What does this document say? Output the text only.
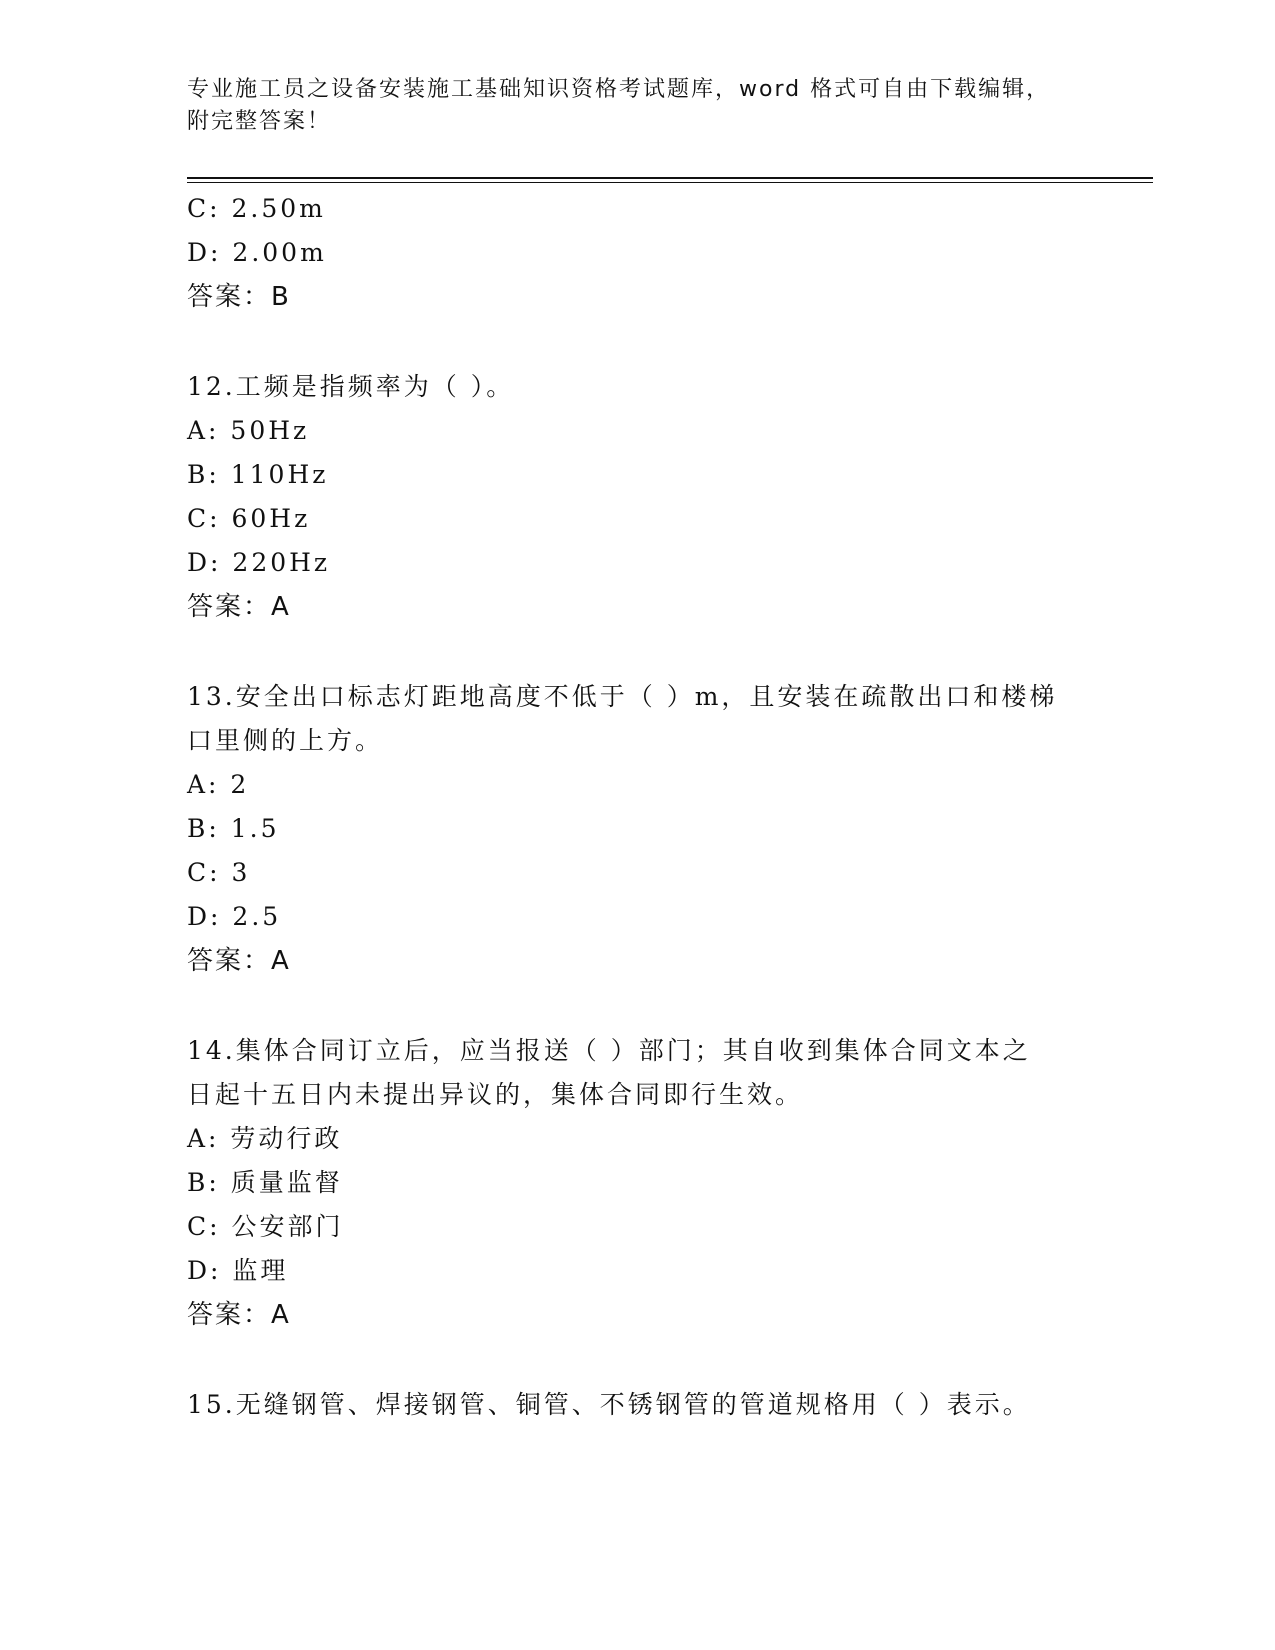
专业施工员之设备安装施工基础知识资格考试题库，word 格式可自由下载编辑，
附完整答案！
C: 2.50m
D: 2.00m
答案：B
12.工频是指频率为（ ）。
A: 50Hz
B: 110Hz
C: 60Hz
D: 220Hz
答案：A
13.安全出口标志灯距地高度不低于（ ）m，且安装在疏散出口和楼梯
口里侧的上方。
A: 2
B: 1.5
C: 3
D: 2.5
答案：A
14.集体合同订立后，应当报送（ ）部门；其自收到集体合同文本之
日起十五日内未提出异议的，集体合同即行生效。
A: 劳动行政
B: 质量监督
C: 公安部门
D: 监理
答案：A
15.无缝钢管、焊接钢管、铜管、不锈钢管的管道规格用（ ）表示。
